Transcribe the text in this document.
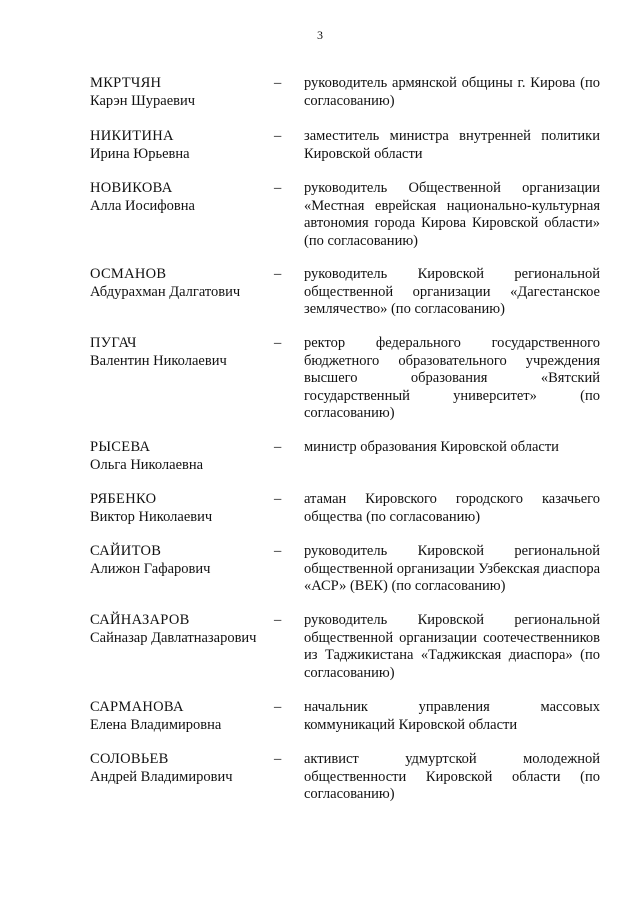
3
МКРТЧЯН
Карэн Шураевич
– руководитель армянской общины г. Кирова (по согласованию)
НИКИТИНА
Ирина Юрьевна
– заместитель министра внутренней политики Кировской области
НОВИКОВА
Алла Иосифовна
– руководитель Общественной организации «Местная еврейская национально-культурная автономия города Кирова Кировской области» (по согласованию)
ОСМАНОВ
Абдурахман Далгатович
– руководитель Кировской региональной общественной организации «Дагестанское землячество» (по согласованию)
ПУГАЧ
Валентин Николаевич
– ректор федерального государственного бюджетного образовательного учреждения высшего образования «Вятский государственный университет» (по согласованию)
РЫСЕВА
Ольга Николаевна
– министр образования Кировской области
РЯБЕНКО
Виктор Николаевич
– атаман Кировского городского казачьего общества (по согласованию)
САЙИТОВ
Алижон Гафарович
– руководитель Кировской региональной общественной организации Узбекская диаспора «АСР» (ВЕК) (по согласованию)
САЙНАЗАРОВ
Сайназар Давлатназарович
– руководитель Кировской региональной общественной организации соотечественников из Таджикистана «Таджикская диаспора» (по согласованию)
САРМАНОВА
Елена Владимировна
– начальник управления массовых коммуникаций Кировской области
СОЛОВЬЕВ
Андрей Владимирович
– активист удмуртской молодежной общественности Кировской области (по согласованию)
